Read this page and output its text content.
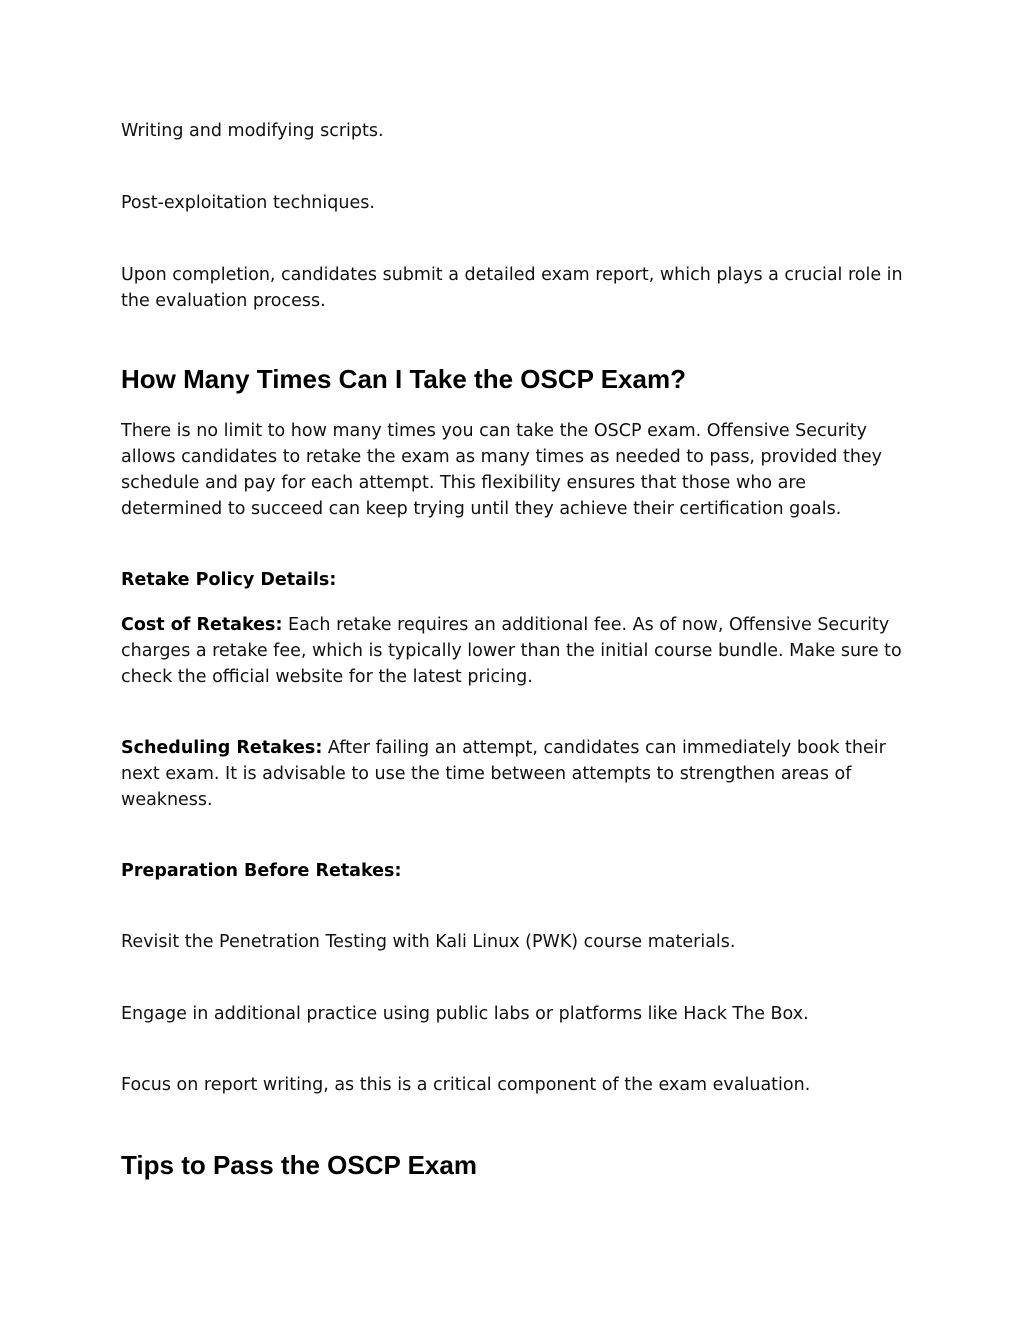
Writing and modifying scripts.

Post-exploitation techniques.

Upon completion, candidates submit a detailed exam report, which plays a crucial role in the evaluation process.

How Many Times Can I Take the OSCP Exam?

There is no limit to how many times you can take the OSCP exam. Offensive Security allows candidates to retake the exam as many times as needed to pass, provided they schedule and pay for each attempt. This flexibility ensures that those who are determined to succeed can keep trying until they achieve their certification goals.

Retake Policy Details:

Cost of Retakes: Each retake requires an additional fee. As of now, Offensive Security charges a retake fee, which is typically lower than the initial course bundle. Make sure to check the official website for the latest pricing.

Scheduling Retakes: After failing an attempt, candidates can immediately book their next exam. It is advisable to use the time between attempts to strengthen areas of weakness.

Preparation Before Retakes:

Revisit the Penetration Testing with Kali Linux (PWK) course materials.

Engage in additional practice using public labs or platforms like Hack The Box.

Focus on report writing, as this is a critical component of the exam evaluation.

Tips to Pass the OSCP Exam
